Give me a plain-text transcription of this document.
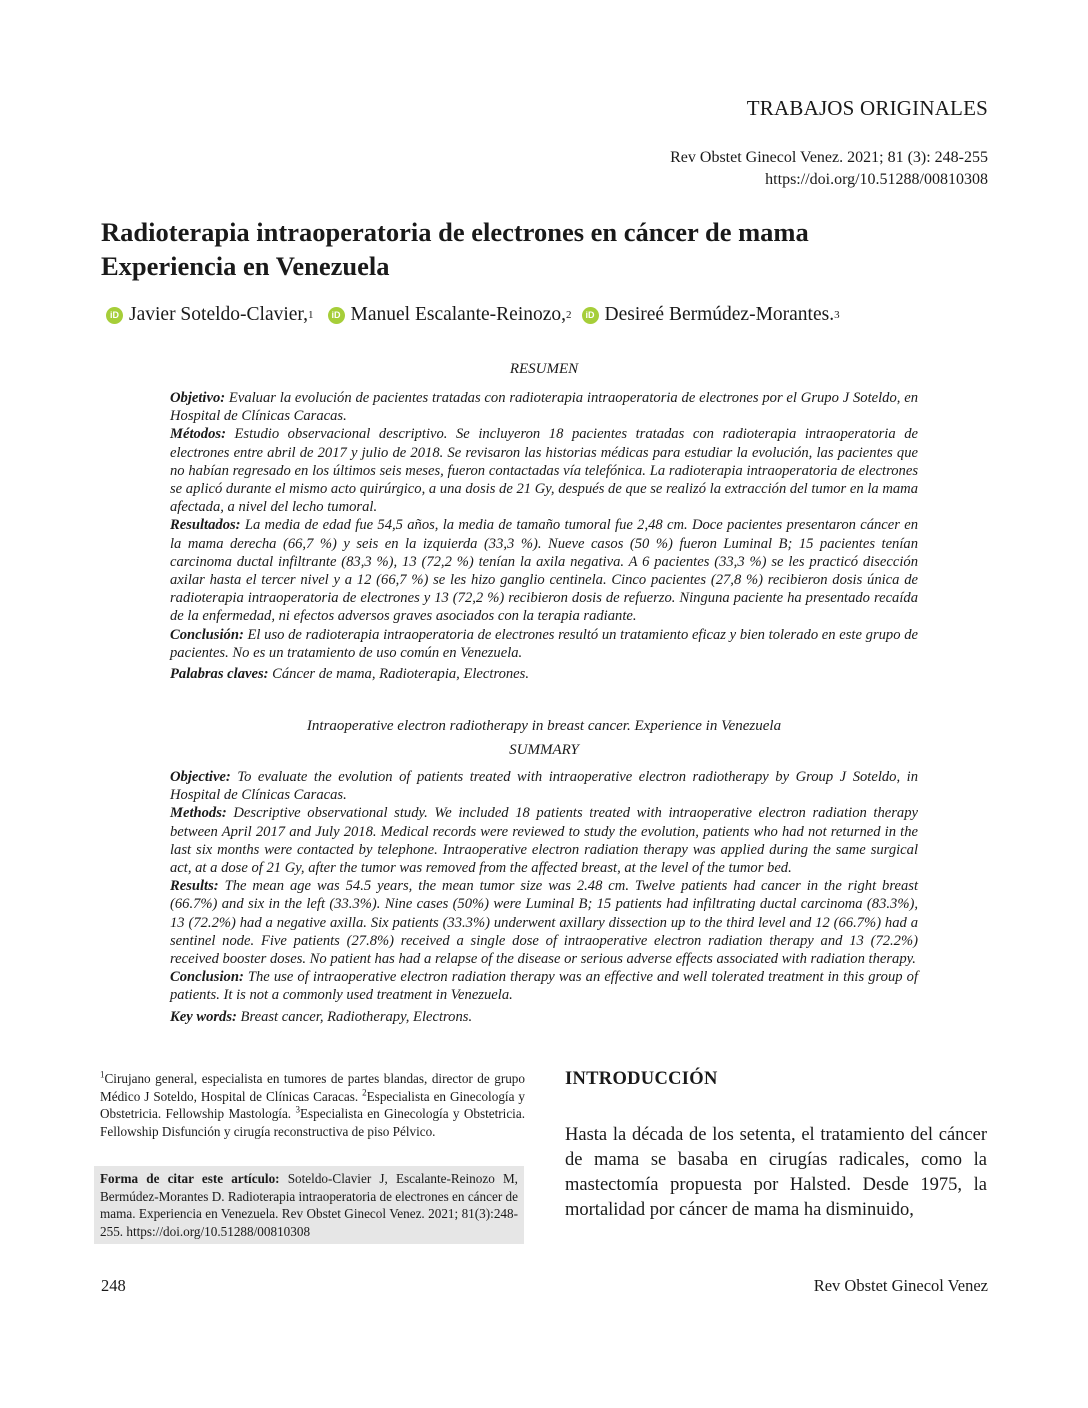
TRABAJOS ORIGINALES
Rev Obstet Ginecol Venez. 2021; 81 (3): 248-255
https://doi.org/10.51288/00810308
Radioterapia intraoperatoria de electrones en cáncer de mama
Experiencia en Venezuela
iD Javier Soteldo-Clavier, 1	iD Manuel Escalante-Reinozo, 2	iD Desireé Bermúdez-Morantes. 3
RESUMEN

Objetivo: Evaluar la evolución de pacientes tratadas con radioterapia intraoperatoria de electrones por el Grupo J Soteldo, en Hospital de Clínicas Caracas.

Métodos: Estudio observacional descriptivo. Se incluyeron 18 pacientes tratadas con radioterapia intraoperatoria de electrones entre abril de 2017 y julio de 2018. Se revisaron las historias médicas para estudiar la evolución, las pacientes que no habían regresado en los últimos seis meses, fueron contactadas vía telefónica. La radioterapia intraoperatoria de electrones se aplicó durante el mismo acto quirúrgico, a una dosis de 21 Gy, después de que se realizó la extracción del tumor en la mama afectada, a nivel del lecho tumoral.

Resultados: La media de edad fue 54,5 años, la media de tamaño tumoral fue 2,48 cm. Doce pacientes presentaron cáncer en la mama derecha (66,7 %) y seis en la izquierda (33,3 %). Nueve casos (50 %) fueron Luminal B; 15 pacientes tenían carcinoma ductal infiltrante (83,3 %), 13 (72,2 %) tenían la axila negativa. A 6 pacientes (33,3 %) se les practicó disección axilar hasta el tercer nivel y a 12 (66,7 %) se les hizo ganglio centinela. Cinco pacientes (27,8 %) recibieron dosis única de radioterapia intraoperatoria de electrones y 13 (72,2 %) recibieron dosis de refuerzo. Ninguna paciente ha presentado recaída de la enfermedad, ni efectos adversos graves asociados con la terapia radiante.

Conclusión: El uso de radioterapia intraoperatoria de electrones resultó un tratamiento eficaz y bien tolerado en este grupo de pacientes. No es un tratamiento de uso común en Venezuela.

Palabras claves: Cáncer de mama, Radioterapia, Electrones.

Intraoperative electron radiotherapy in breast cancer. Experience in Venezuela
SUMMARY

Objective: To evaluate the evolution of patients treated with intraoperative electron radiotherapy by Group J Soteldo, in Hospital de Clínicas Caracas.

Methods: Descriptive observational study. We included 18 patients treated with intraoperative electron radiation therapy between April 2017 and July 2018. Medical records were reviewed to study the evolution, patients who had not returned in the last six months were contacted by telephone. Intraoperative electron radiation therapy was applied during the same surgical act, at a dose of 21 Gy, after the tumor was removed from the affected breast, at the level of the tumor bed.

Results: The mean age was 54.5 years, the mean tumor size was 2.48 cm. Twelve patients had cancer in the right breast (66.7%) and six in the left (33.3%). Nine cases (50%) were Luminal B; 15 patients had infiltrating ductal carcinoma (83.3%), 13 (72.2%) had a negative axilla. Six patients (33.3%) underwent axillary dissection up to the third level and 12 (66.7%) had a sentinel node. Five patients (27.8%) received a single dose of intraoperative electron radiation therapy and 13 (72.2%) received booster doses. No patient has had a relapse of the disease or serious adverse effects associated with radiation therapy.

Conclusion: The use of intraoperative electron radiation therapy was an effective and well tolerated treatment in this group of patients. It is not a commonly used treatment in Venezuela.

Key words: Breast cancer, Radiotherapy, Electrons.

$^1$Cirujano general, especialista en tumores de partes blandas, director de grupo Médico J Soteldo, Hospital de Clínicas Caracas. $^2$Especialista en Ginecología y Obstetricia. Fellowship Mastología. $^3$Especialista en Ginecología y Obstetricia. Fellowship Disfunción y cirugía reconstructiva de piso Pélvico.
Forma de citar este artículo: Soteldo-Clavier J, Escalante-Reinozo M, Bermúdez-Morantes D. Radioterapia intraoperatoria de electrones en cáncer de mama. Experiencia en Venezuela. Rev Obstet Ginecol Venez. 2021; 81(3):248-255. https://doi.org/10.51288/00810308
INTRODUCCIÓN
Hasta la década de los setenta, el tratamiento del cáncer de mama se basaba en cirugías radicales, como la mastectomía propuesta por Halsted. Desde 1975, la mortalidad por cáncer de mama ha disminuido,
248	Rev Obstet Ginecol Venez
